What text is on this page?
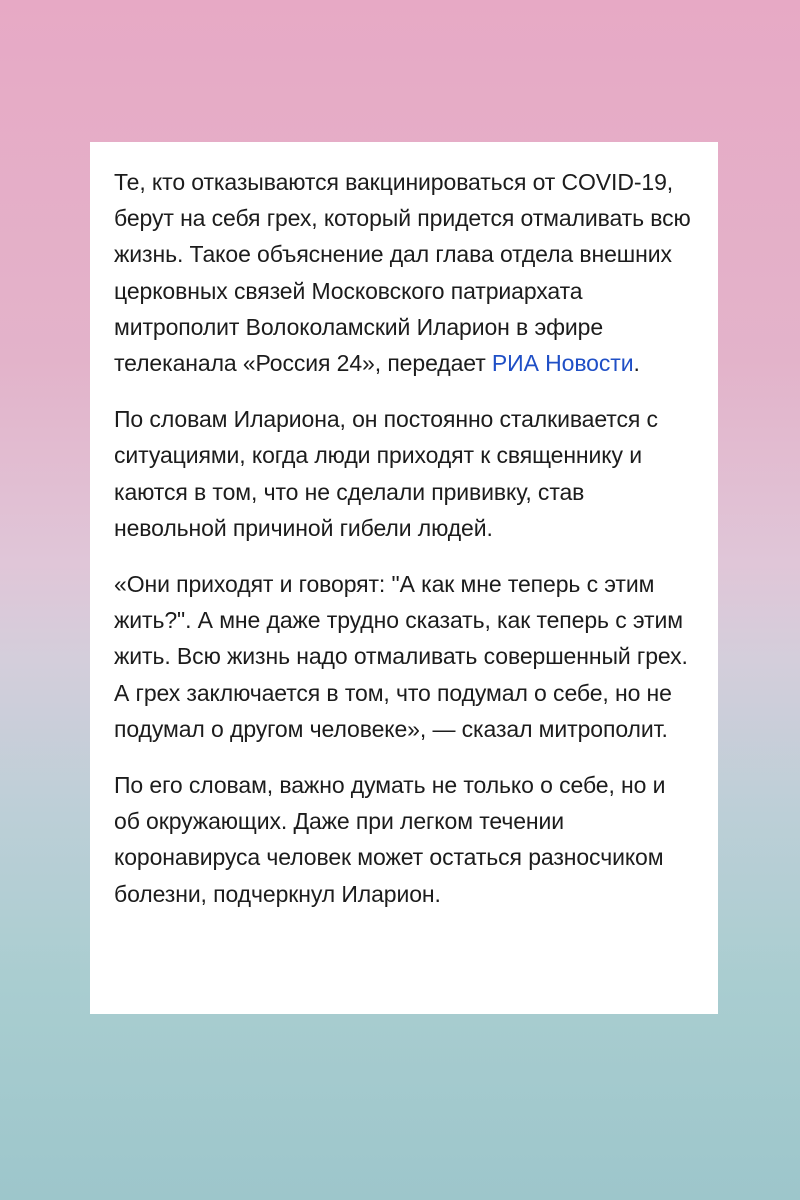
Те, кто отказываются вакцинироваться от COVID-19, берут на себя грех, который придется отмаливать всю жизнь. Такое объяснение дал глава отдела внешних церковных связей Московского патриархата митрополит Волоколамский Иларион в эфире телеканала «Россия 24», передает РИА Новости.

По словам Илариона, он постоянно сталкивается с ситуациями, когда люди приходят к священнику и каются в том, что не сделали прививку, став невольной причиной гибели людей.

«Они приходят и говорят: "А как мне теперь с этим жить?". А мне даже трудно сказать, как теперь с этим жить. Всю жизнь надо отмаливать совершенный грех. А грех заключается в том, что подумал о себе, но не подумал о другом человеке», — сказал митрополит.

По его словам, важно думать не только о себе, но и об окружающих. Даже при легком течении коронавируса человек может остаться разносчиком болезни, подчеркнул Иларион.
